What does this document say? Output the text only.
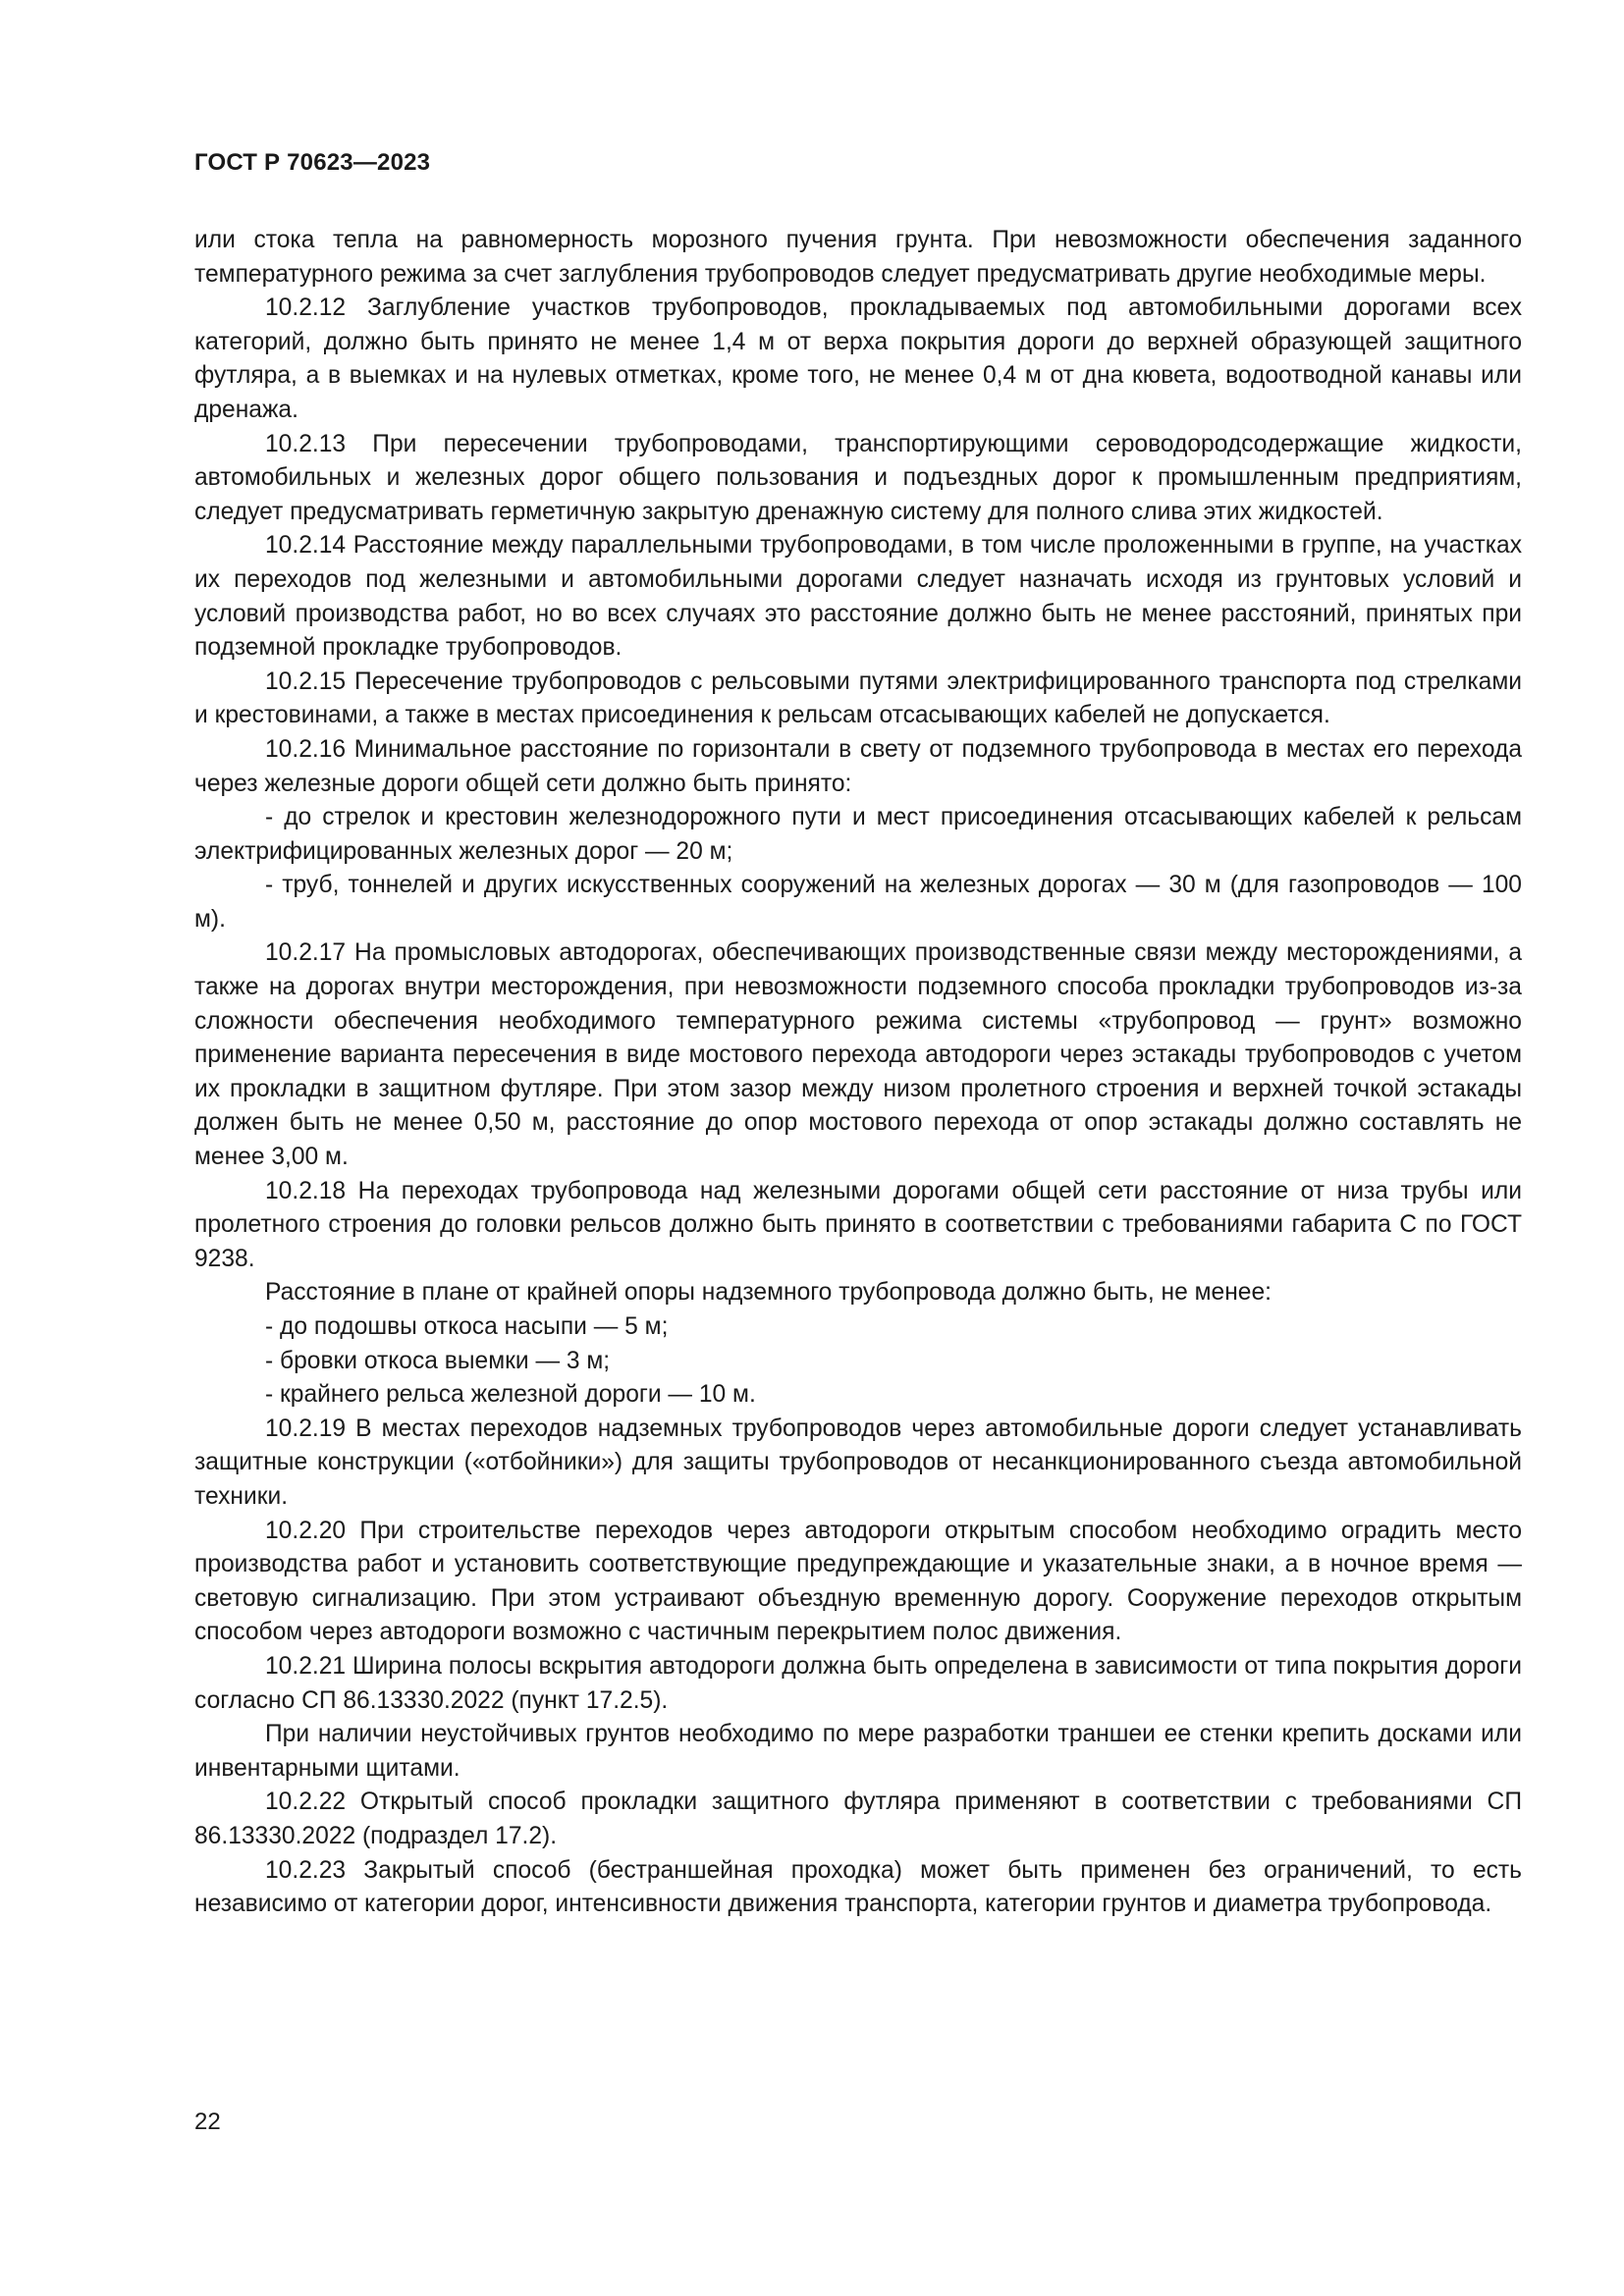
ГОСТ Р 70623—2023

или стока тепла на равномерность морозного пучения грунта. При невозможности обеспечения заданного температурного режима за счет заглубления трубопроводов следует предусматривать другие необходимые меры.

10.2.12 Заглубление участков трубопроводов, прокладываемых под автомобильными дорогами всех категорий, должно быть принято не менее 1,4 м от верха покрытия дороги до верхней образующей защитного футляра, а в выемках и на нулевых отметках, кроме того, не менее 0,4 м от дна кювета, водоотводной канавы или дренажа.

10.2.13 При пересечении трубопроводами, транспортирующими сероводородсодержащие жидкости, автомобильных и железных дорог общего пользования и подъездных дорог к промышленным предприятиям, следует предусматривать герметичную закрытую дренажную систему для полного слива этих жидкостей.

10.2.14 Расстояние между параллельными трубопроводами, в том числе проложенными в группе, на участках их переходов под железными и автомобильными дорогами следует назначать исходя из грунтовых условий и условий производства работ, но во всех случаях это расстояние должно быть не менее расстояний, принятых при подземной прокладке трубопроводов.

10.2.15 Пересечение трубопроводов с рельсовыми путями электрифицированного транспорта под стрелками и крестовинами, а также в местах присоединения к рельсам отсасывающих кабелей не допускается.

10.2.16 Минимальное расстояние по горизонтали в свету от подземного трубопровода в местах его перехода через железные дороги общей сети должно быть принято:

- до стрелок и крестовин железнодорожного пути и мест присоединения отсасывающих кабелей к рельсам электрифицированных железных дорог — 20 м;

- труб, тоннелей и других искусственных сооружений на железных дорогах — 30 м (для газопроводов — 100 м).

10.2.17 На промысловых автодорогах, обеспечивающих производственные связи между месторождениями, а также на дорогах внутри месторождения, при невозможности подземного способа прокладки трубопроводов из-за сложности обеспечения необходимого температурного режима системы «трубопровод — грунт» возможно применение варианта пересечения в виде мостового перехода автодороги через эстакады трубопроводов с учетом их прокладки в защитном футляре. При этом зазор между низом пролетного строения и верхней точкой эстакады должен быть не менее 0,50 м, расстояние до опор мостового перехода от опор эстакады должно составлять не менее 3,00 м.

10.2.18 На переходах трубопровода над железными дорогами общей сети расстояние от низа трубы или пролетного строения до головки рельсов должно быть принято в соответствии с требованиями габарита С по ГОСТ 9238.

Расстояние в плане от крайней опоры надземного трубопровода должно быть, не менее:

- до подошвы откоса насыпи — 5 м;

- бровки откоса выемки — 3 м;

- крайнего рельса железной дороги — 10 м.

10.2.19 В местах переходов надземных трубопроводов через автомобильные дороги следует устанавливать защитные конструкции («отбойники») для защиты трубопроводов от несанкционированного съезда автомобильной техники.

10.2.20 При строительстве переходов через автодороги открытым способом необходимо оградить место производства работ и установить соответствующие предупреждающие и указательные знаки, а в ночное время — световую сигнализацию. При этом устраивают объездную временную дорогу. Сооружение переходов открытым способом через автодороги возможно с частичным перекрытием полос движения.

10.2.21 Ширина полосы вскрытия автодороги должна быть определена в зависимости от типа покрытия дороги согласно СП 86.13330.2022 (пункт 17.2.5).

При наличии неустойчивых грунтов необходимо по мере разработки траншеи ее стенки крепить досками или инвентарными щитами.

10.2.22 Открытый способ прокладки защитного футляра применяют в соответствии с требованиями СП 86.13330.2022 (подраздел 17.2).

10.2.23 Закрытый способ (бестраншейная проходка) может быть применен без ограничений, то есть независимо от категории дорог, интенсивности движения транспорта, категории грунтов и диаметра трубопровода.

22
